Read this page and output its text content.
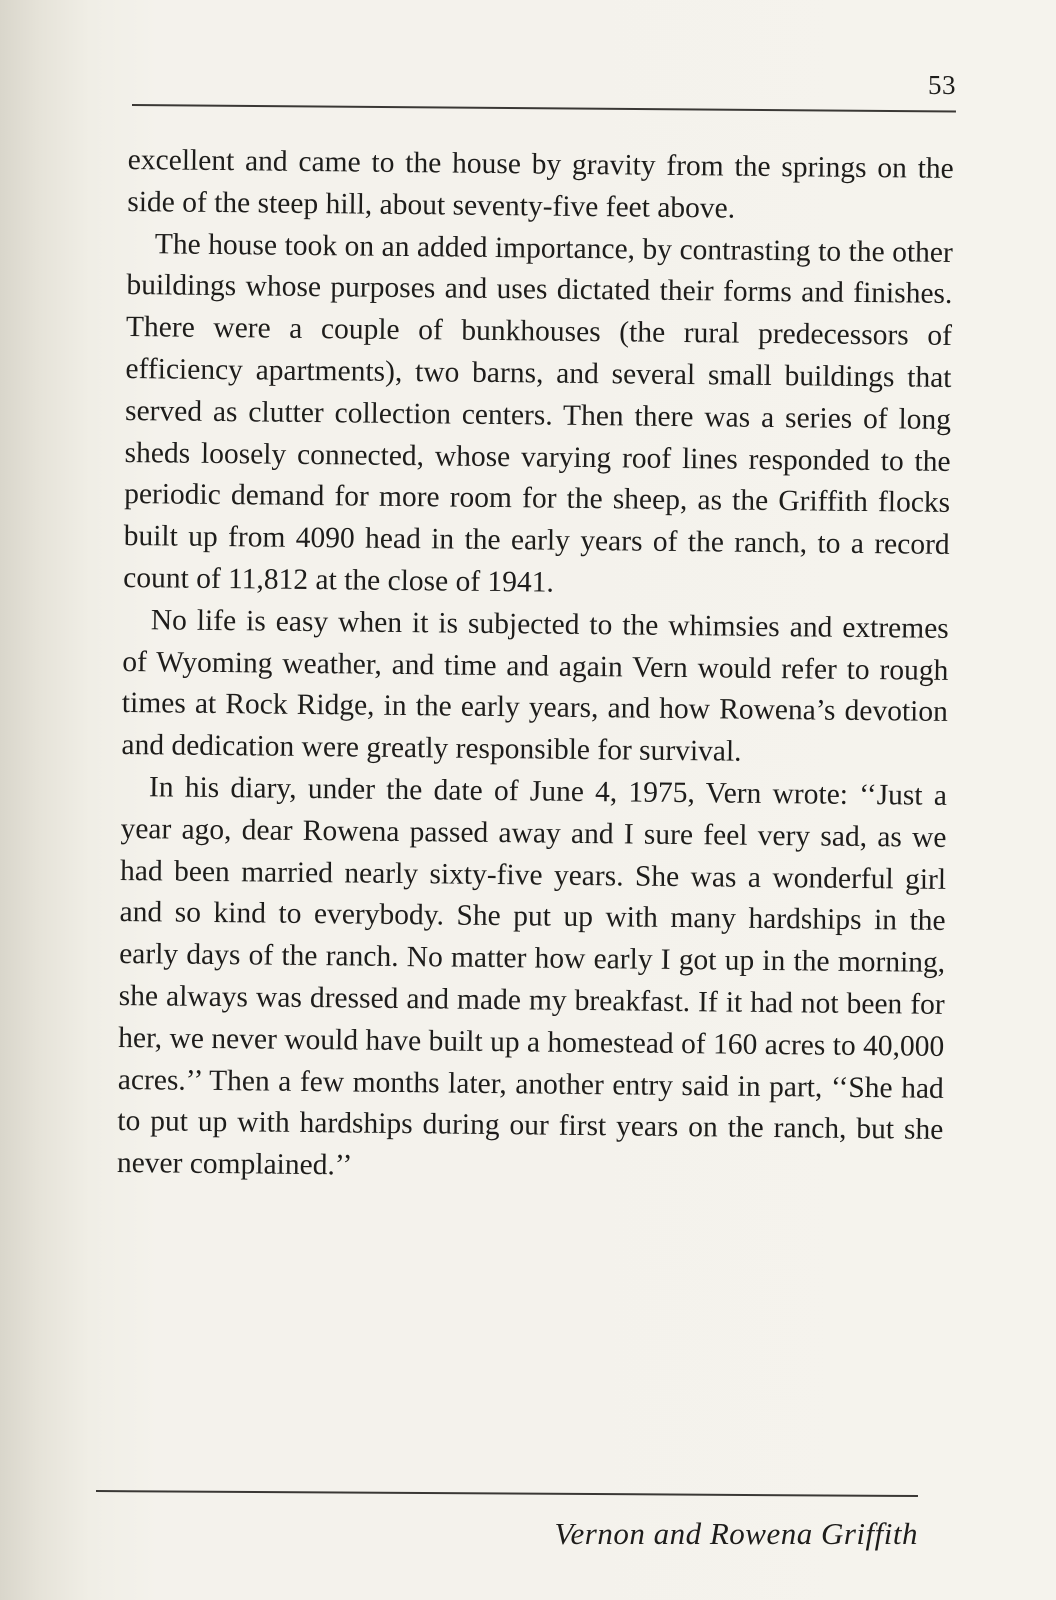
53

excellent and came to the house by gravity from the springs on the side of the steep hill, about seventy-five feet above.

The house took on an added importance, by contrasting to the other buildings whose purposes and uses dictated their forms and finishes. There were a couple of bunkhouses (the rural predecessors of efficiency apartments), two barns, and several small buildings that served as clutter collection centers. Then there was a series of long sheds loosely connected, whose varying roof lines responded to the periodic demand for more room for the sheep, as the Griffith flocks built up from 4090 head in the early years of the ranch, to a record count of 11,812 at the close of 1941.

No life is easy when it is subjected to the whimsies and extremes of Wyoming weather, and time and again Vern would refer to rough times at Rock Ridge, in the early years, and how Rowena’s devotion and dedication were greatly responsible for survival.

In his diary, under the date of June 4, 1975, Vern wrote: ‘‘Just a year ago, dear Rowena passed away and I sure feel very sad, as we had been married nearly sixty-five years. She was a wonderful girl and so kind to everybody. She put up with many hardships in the early days of the ranch. No matter how early I got up in the morning, she always was dressed and made my breakfast. If it had not been for her, we never would have built up a homestead of 160 acres to 40,000 acres.’’ Then a few months later, another entry said in part, ‘‘She had to put up with hardships during our first years on the ranch, but she never complained.’’

Vernon and Rowena Griffith
